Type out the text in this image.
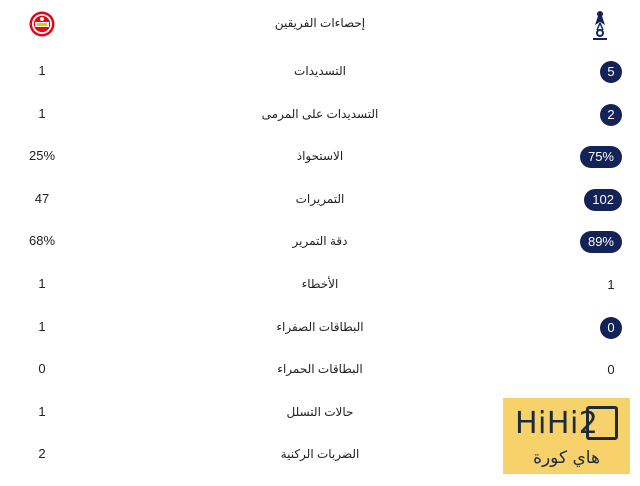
إحصاءات الفريقين
1	التسديدات	5
1	التسديدات على المرمى	2
25%	الاستحواذ	75%
47	التمريرات	102
68%	دقة التمرير	89%
1	الأخطاء	1
1	البطاقات الصفراء	0
0	البطاقات الحمراء	0
1	حالات التسلل
2	الضربات الركنية
HiHi2
هاي كورة
